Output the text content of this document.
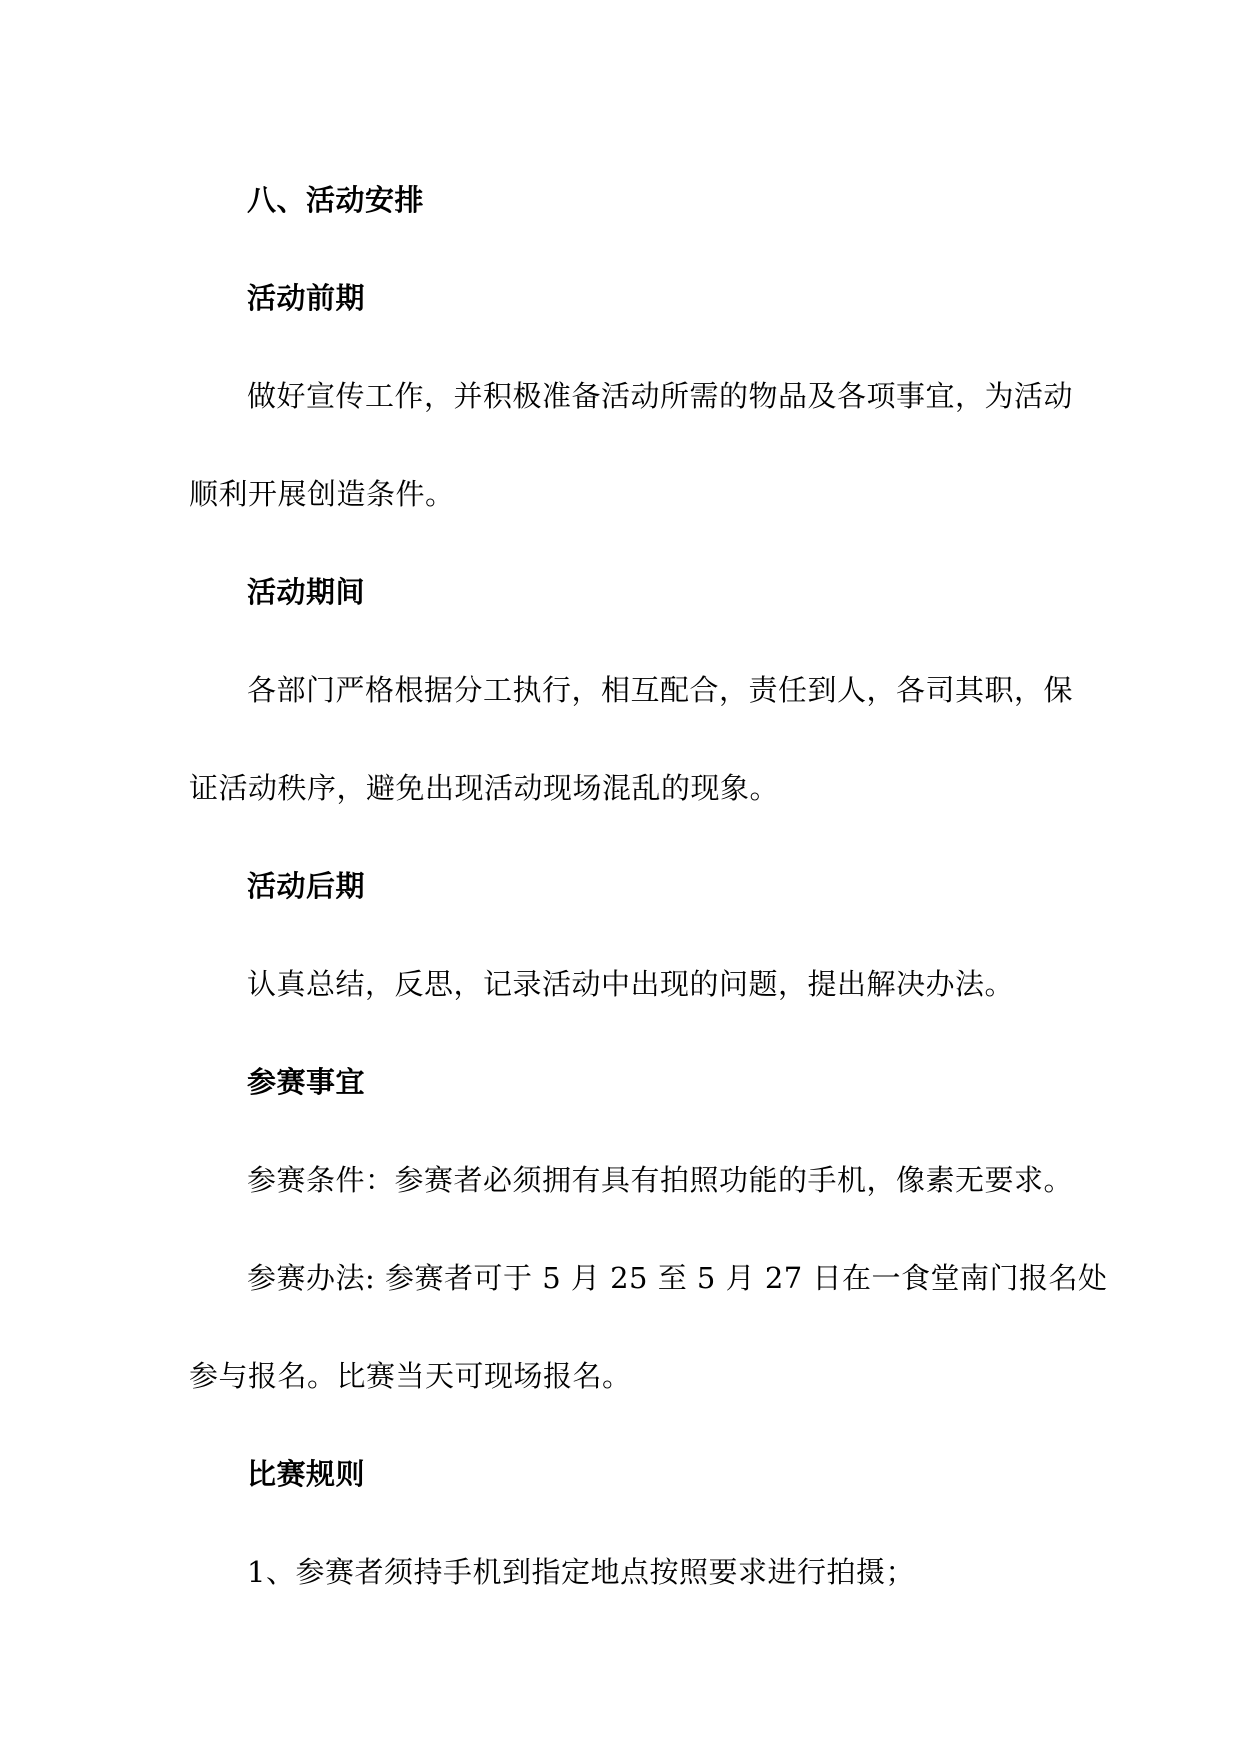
八、活动安排
活动前期
做好宣传工作，并积极准备活动所需的物品及各项事宜，为活动
顺利开展创造条件。
活动期间
各部门严格根据分工执行，相互配合，责任到人，各司其职，保
证活动秩序，避免出现活动现场混乱的现象。
活动后期
认真总结，反思，记录活动中出现的问题，提出解决办法。
参赛事宜
参赛条件：参赛者必须拥有具有拍照功能的手机，像素无要求。
参赛办法: 参赛者可于 5 月 25 至 5 月 27 日在一食堂南门报名处
参与报名。比赛当天可现场报名。
比赛规则
1、参赛者须持手机到指定地点按照要求进行拍摄；
